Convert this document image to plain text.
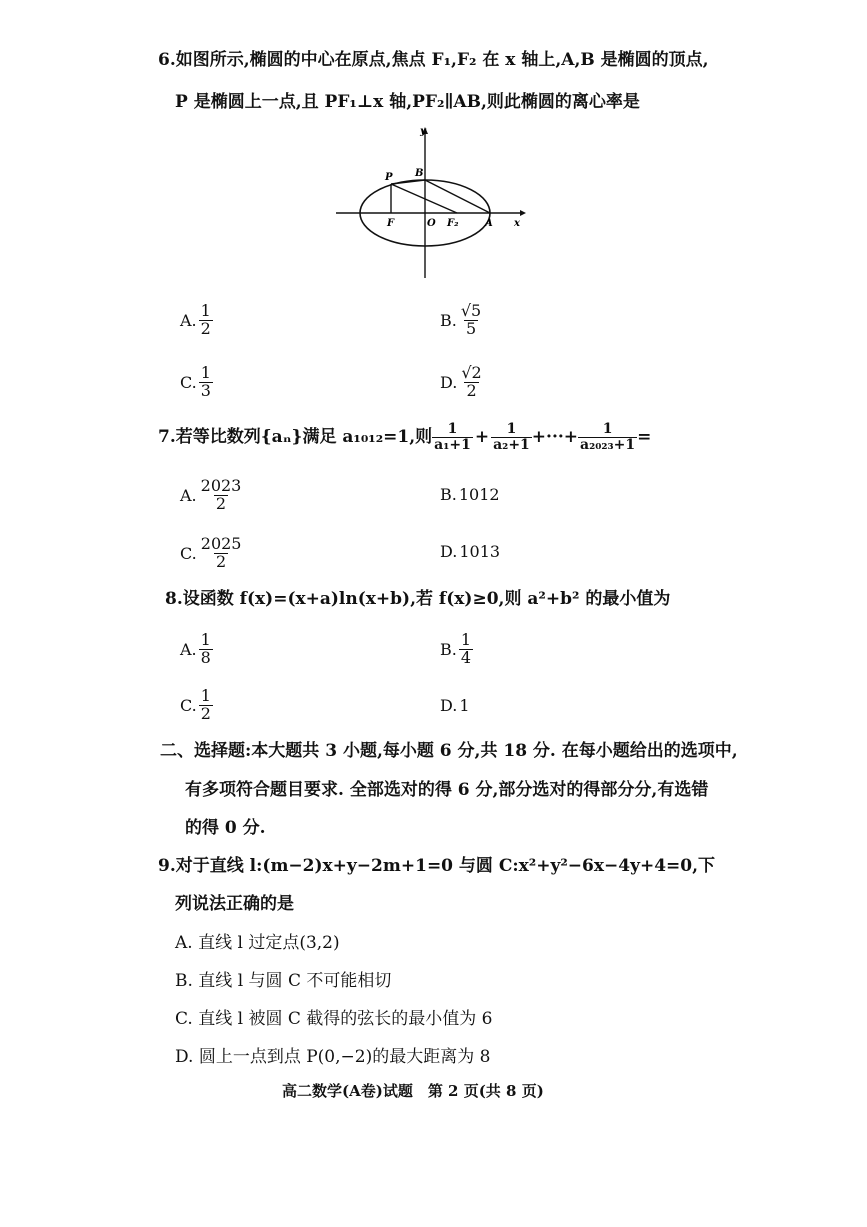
6.如图所示,椭圆的中心在原点,焦点 F₁,F₂ 在 x 轴上,A,B 是椭圆的顶点,
P 是椭圆上一点,且 PF₁⊥x 轴,PF₂∥AB,则此椭圆的离心率是
y
x
P B
F	O F₂	A
A. $\frac{1}{2}$	B. $\frac{√5}{5}$
C. $\frac{1}{3}$	D. $\frac{√2}{2}$
7. 若等比数列{aₙ}满足 a₁₀₁₂=1,则 $\frac{1}{\text{a₁+1}} + \frac{1}{\text{a₂+1}}$ +···+ $\frac{1}{\text{a₂₀₂₃+1}}$ =
A. $\frac{2023}{2}$	B. 1012
C. $\frac{2025}{2}$	D. 1013
8.设函数 f(x)=(x+a)ln(x+b),若 f(x)≥0,则 a²+b² 的最小值为
A. $\frac{1}{8}$	B. $\frac{1}{4}$
C. $\frac{1}{2}$	D. 1
二、选择题:本大题共 3 小题,每小题 6 分,共 18 分. 在每小题给出的选项中,
有多项符合题目要求. 全部选对的得 6 分,部分选对的得部分分,有选错
的得 0 分.
9.对于直线 l:(m−2)x+y−2m+1=0 与圆 C:x²+y²−6x−4y+4=0,下
列说法正确的是
A. 直线 l 过定点(3,2)
B. 直线 l 与圆 C 不可能相切
C. 直线 l 被圆 C 截得的弦长的最小值为 6
D. 圆上一点到点 P(0,−2)的最大距离为 8
高二数学(A卷)试题　第 2 页(共 8 页)
